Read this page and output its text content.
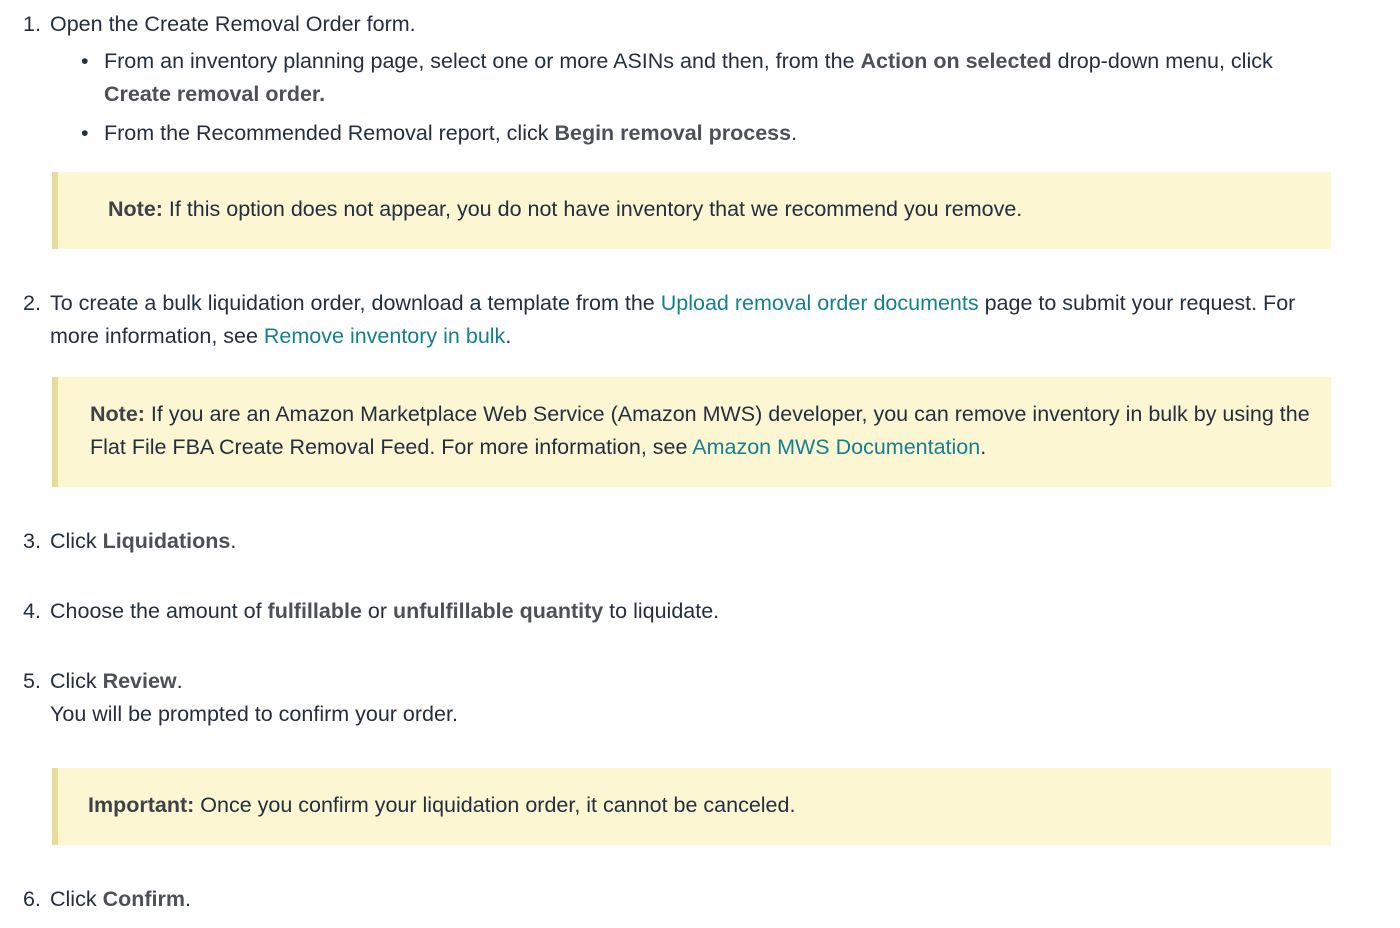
1. Open the Create Removal Order form.
• From an inventory planning page, select one or more ASINs and then, from the Action on selected drop-down menu, click Create removal order.
• From the Recommended Removal report, click Begin removal process.
Note: If this option does not appear, you do not have inventory that we recommend you remove.
2. To create a bulk liquidation order, download a template from the Upload removal order documents page to submit your request. For more information, see Remove inventory in bulk.
Note: If you are an Amazon Marketplace Web Service (Amazon MWS) developer, you can remove inventory in bulk by using the Flat File FBA Create Removal Feed. For more information, see Amazon MWS Documentation.
3. Click Liquidations.
4. Choose the amount of fulfillable or unfulfillable quantity to liquidate.
5. Click Review.
You will be prompted to confirm your order.
Important: Once you confirm your liquidation order, it cannot be canceled.
6. Click Confirm.
